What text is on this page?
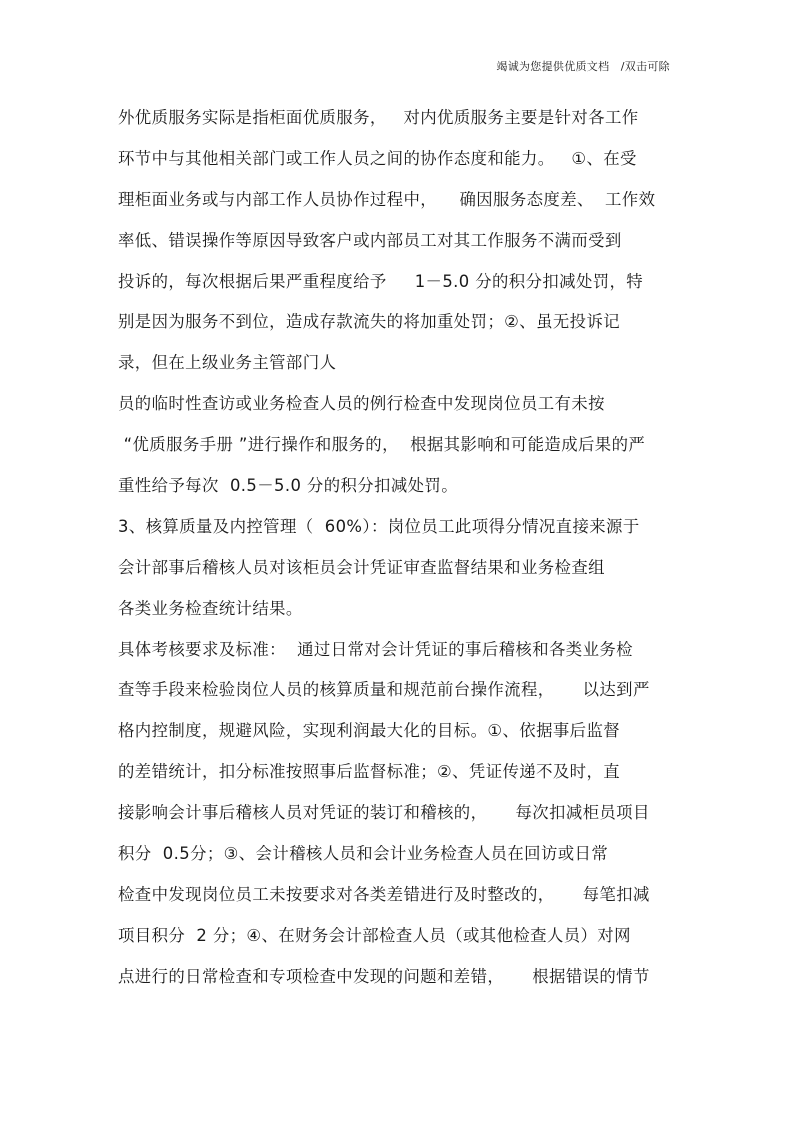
竭诚为您提供优质文档   /双击可除
外优质服务实际是指柜面优质服务，   对内优质服务主要是针对各工作
环节中与其他相关部门或工作人员之间的协作态度和能力。   ①、在受
理柜面业务或与内部工作人员协作过程中，    确因服务态度差、  工作效
率低、错误操作等原因导致客户或内部员工对其工作服务不满而受到
投诉的，每次根据后果严重程度给予     1－5.0 分的积分扣减处罚，特
别是因为服务不到位，造成存款流失的将加重处罚；②、虽无投诉记
录，但在上级业务主管部门人
员的临时性查访或业务检查人员的例行检查中发现岗位员工有未按
“优质服务手册 ”进行操作和服务的，  根据其影响和可能造成后果的严
重性给予每次  0.5－5.0 分的积分扣减处罚。
3、核算质量及内控管理（  60%）：岗位员工此项得分情况直接来源于
会计部事后稽核人员对该柜员会计凭证审查监督结果和业务检查组
各类业务检查统计结果。
具体考核要求及标准：  通过日常对会计凭证的事后稽核和各类业务检
查等手段来检验岗位人员的核算质量和规范前台操作流程，     以达到严
格内控制度，规避风险，实现利润最大化的目标。①、依据事后监督
的差错统计，扣分标准按照事后监督标准；②、凭证传递不及时，直
接影响会计事后稽核人员对凭证的装订和稽核的，     每次扣减柜员项目
积分  0.5分；③、会计稽核人员和会计业务检查人员在回访或日常
检查中发现岗位员工未按要求对各类差错进行及时整改的，     每笔扣减
项目积分  2 分；④、在财务会计部检查人员（或其他检查人员）对网
点进行的日常检查和专项检查中发现的问题和差错，     根据错误的情节
